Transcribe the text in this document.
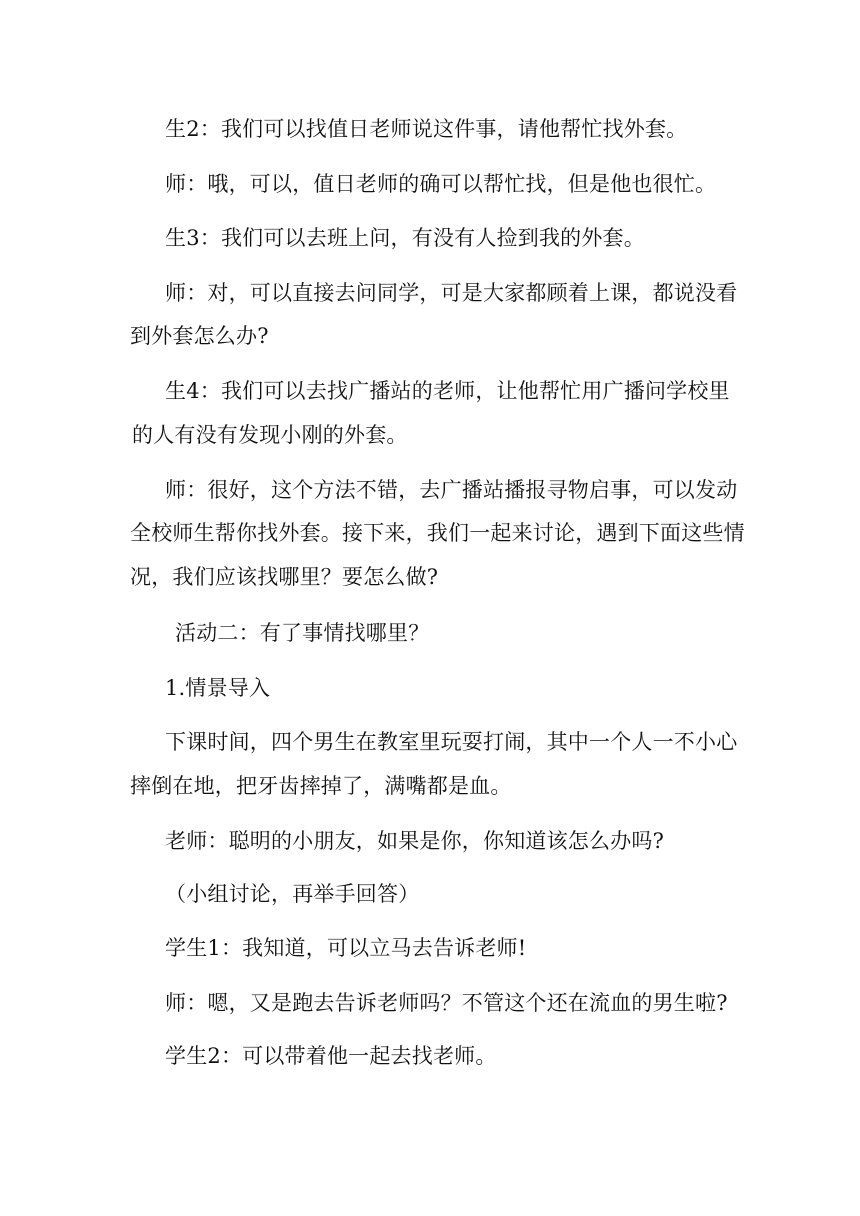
生2：我们可以找值日老师说这件事，请他帮忙找外套。
师：哦，可以，值日老师的确可以帮忙找，但是他也很忙。
生3：我们可以去班上问，有没有人捡到我的外套。
师：对，可以直接去问同学，可是大家都顾着上课，都说没看
到外套怎么办?
生4：我们可以去找广播站的老师，让他帮忙用广播问学校里
的人有没有发现小刚的外套。
师：很好，这个方法不错，去广播站播报寻物启事，可以发动
全校师生帮你找外套。接下来，我们一起来讨论，遇到下面这些情
况，我们应该找哪里？要怎么做?
活动二：有了事情找哪里？
1.情景导入
下课时间，四个男生在教室里玩耍打闹，其中一个人一不小心
摔倒在地，把牙齿摔掉了，满嘴都是血。
老师：聪明的小朋友，如果是你，你知道该怎么办吗?
（小组讨论，再举手回答）
学生1：我知道，可以立马去告诉老师!
师：嗯，又是跑去告诉老师吗？不管这个还在流血的男生啦?
学生2：可以带着他一起去找老师。
